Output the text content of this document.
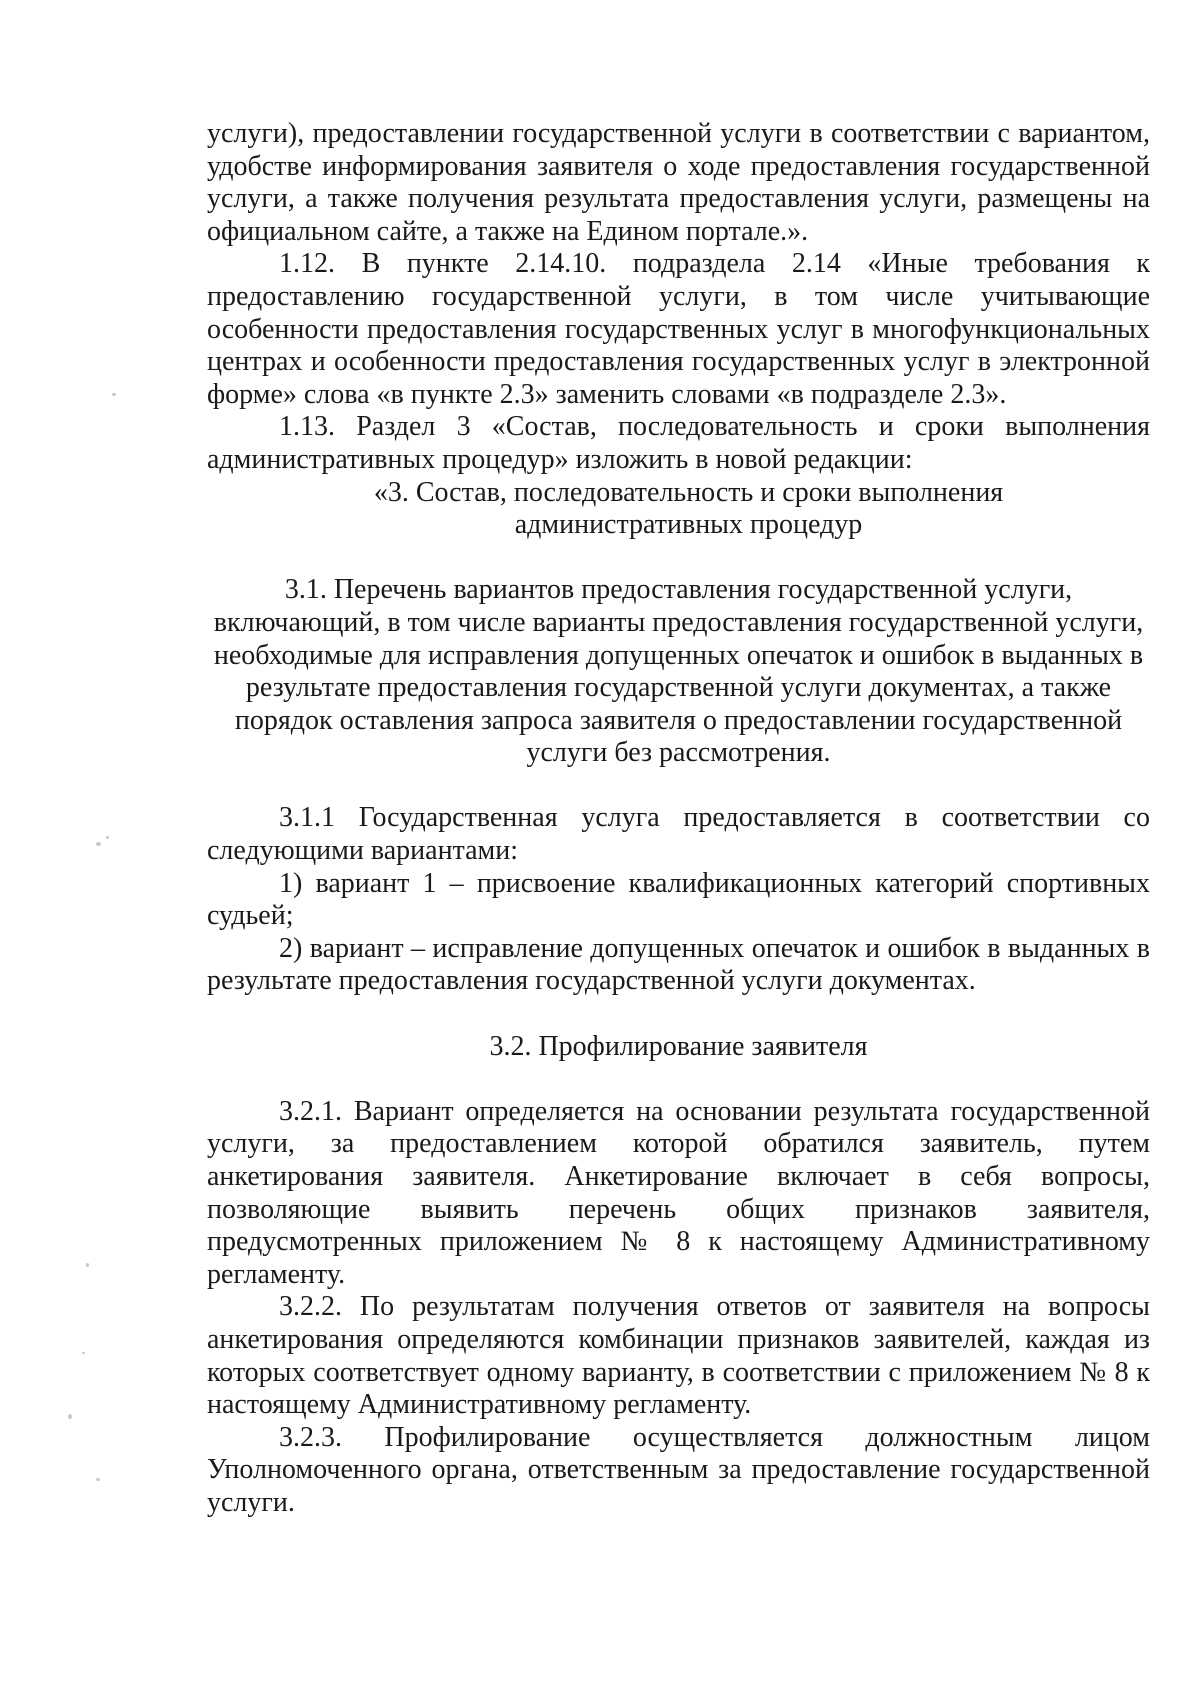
услуги), предоставлении государственной услуги в соответствии с вариантом, удобстве информирования заявителя о ходе предоставления государственной услуги, а также получения результата предоставления услуги, размещены на официальном сайте, а также на Едином портале.».

1.12. В пункте 2.14.10. подраздела 2.14 «Иные требования к предоставлению государственной услуги, в том числе учитывающие особенности предоставления государственных услуг в многофункциональных центрах и особенности предоставления государственных услуг в электронной форме» слова «в пункте 2.3» заменить словами «в подразделе 2.3».

1.13. Раздел 3 «Состав, последовательность и сроки выполнения административных процедур» изложить в новой редакции:

«3. Состав, последовательность и сроки выполнения

административных процедур

3.1. Перечень вариантов предоставления государственной услуги, включающий, в том числе варианты предоставления государственной услуги, необходимые для исправления допущенных опечаток и ошибок в выданных в результате предоставления государственной услуги документах, а также порядок оставления запроса заявителя о предоставлении государственной услуги без рассмотрения.

3.1.1 Государственная услуга предоставляется в соответствии со следующими вариантами:

1) вариант 1 – присвоение квалификационных категорий спортивных судьей;

2) вариант – исправление допущенных опечаток и ошибок в выданных в результате предоставления государственной услуги документах.

3.2. Профилирование заявителя

3.2.1. Вариант определяется на основании результата государственной услуги, за предоставлением которой обратился заявитель, путем анкетирования заявителя. Анкетирование включает в себя вопросы, позволяющие выявить перечень общих признаков заявителя, предусмотренных приложением № 8 к настоящему Административному регламенту.

3.2.2. По результатам получения ответов от заявителя на вопросы анкетирования определяются комбинации признаков заявителей, каждая из которых соответствует одному варианту, в соответствии с приложением № 8 к настоящему Административному регламенту.

3.2.3. Профилирование осуществляется должностным лицом Уполномоченного органа, ответственным за предоставление государственной услуги.
